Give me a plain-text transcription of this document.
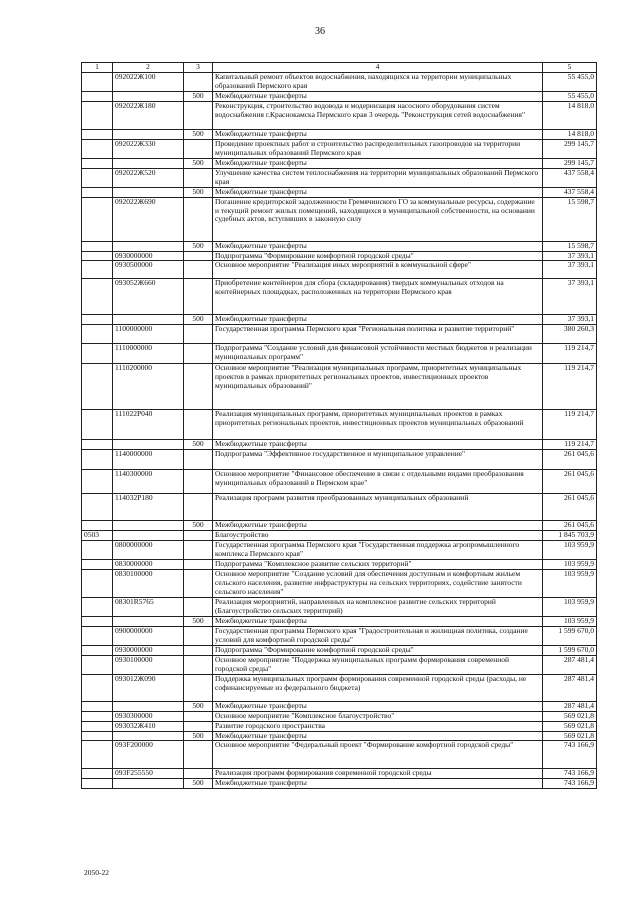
36
1	2	3	4	5
	092022Ж100		Капитальный ремонт объектов водоснабжения, находящихся на территории муниципальных образований Пермского края	55 455,0
		500	Межбюджетные трансферты	55 455,0
	092022Ж180		Реконструкция, строительство водовода и модернизация насосного оборудования систем водоснабжения г.Краснокамска Пермского края 3 очередь "Реконструкция сетей водоснабжения"	14 818,0
		500	Межбюджетные трансферты	14 818,0
	092022Ж330		Проведение проектных работ и строительство распределительных газопроводов на территории муниципальных образований Пермского края	299 145,7
		500	Межбюджетные трансферты	299 145,7
	092022Ж520		Улучшение качества систем теплоснабжения на территории муниципальных образований Пермского края	437 558,4
		500	Межбюджетные трансферты	437 558,4
	092022Ж690		Погашение кредиторской задолженности Гремячинского ГО за коммунальные ресурсы, содержание и текущий ремонт жилых помещений, находящихся в муниципальной собственности, на основании судебных актов, вступивших в законную силу	15 598,7
		500	Межбюджетные трансферты	15 598,7
	0930000000		Подпрограмма "Формирование комфортной городской среды"	37 393,1
	0930500000		Основное мероприятие "Реализация иных мероприятий в коммунальной сфере"	37 393,1
	093052Ж660		Приобретение контейнеров для сбора (складирования) твердых коммунальных отходов на контейнерных площадках, расположенных на территории Пермского края	37 393,1
		500	Межбюджетные трансферты	37 393,1
	1100000000		Государственная программа Пермского края "Региональная политика и развитие территорий"	380 260,3
	1110000000		Подпрограмма "Создание условий для финансовой устойчивости местных бюджетов и реализации муниципальных программ"	119 214,7
	1110200000		Основное мероприятие "Реализация муниципальных программ, приоритетных муниципальных проектов в рамках приоритетных региональных проектов, инвестиционных проектов муниципальных образований"	119 214,7
	111022Р040		Реализация муниципальных программ, приоритетных муниципальных проектов в рамках приоритетных региональных проектов, инвестиционных проектов муниципальных образований	119 214,7
		500	Межбюджетные трансферты	119 214,7
	1140000000		Подпрограмма "Эффективное государственное и муниципальное управление"	261 045,6
	1140300000		Основное мероприятие "Финансовое обеспечение в связи с отдельными видами преобразования муниципальных образований в Пермском крае"	261 045,6
	114032Р180		Реализация программ развития преобразованных муниципальных образований	261 045,6
		500	Межбюджетные трансферты	261 045,6
0503			Благоустройство	1 845 703,9
	0800000000		Государственная программа Пермского края "Государственная поддержка агропромышленного комплекса Пермского края"	103 959,9
	0830000000		Подпрограмма "Комплексное развитие сельских территорий"	103 959,9
	0830100000		Основное мероприятие "Создание условий для обеспечения доступным и комфортным жильем сельского населения, развитие инфраструктуры на сельских территориях, содействие занятости сельского населения"	103 959,9
	08301R5765		Реализация мероприятий, направленных на комплексное развитие сельских территорий (Благоустройство сельских территорий)	103 959,9
		500	Межбюджетные трансферты	103 959,9
	0900000000		Государственная программа Пермского края "Градостроительная и жилищная политика, создание условий для комфортной городской среды"	1 599 670,0
	0930000000		Подпрограмма "Формирование комфортной городской среды"	1 599 670,0
	0930100000		Основное мероприятие "Поддержка муниципальных программ формирования современной городской среды"	287 481,4
	093012Ж090		Поддержка муниципальных программ формирования современной городской среды (расходы, не софинансируемые из федерального бюджета)	287 481,4
		500	Межбюджетные трансферты	287 481,4
	0930300000		Основное мероприятие "Комплексное благоустройство"	569 021,8
	093032Ж410		Развитие городского пространства	569 021,8
		500	Межбюджетные трансферты	569 021,8
	093F200000		Основное мероприятие "Федеральный проект "Формирование комфортной городской среды"	743 166,9
	093F255550		Реализация программ формирования современной городской среды	743 166,9
		500	Межбюджетные трансферты	743 166,9
2050-22
